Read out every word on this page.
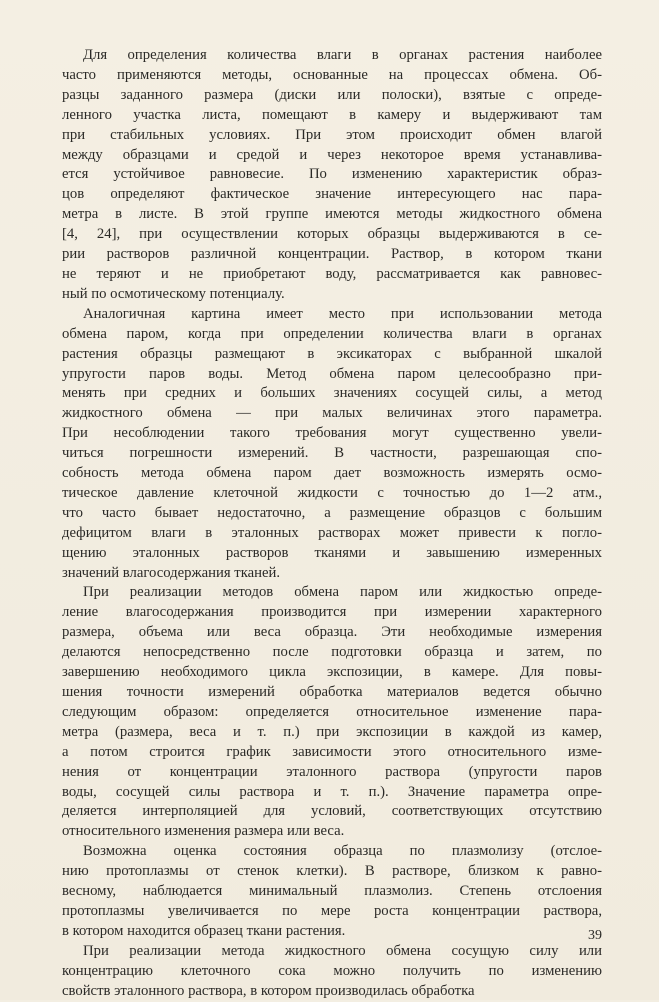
Для определения количества влаги в органах растения наиболее
часто применяются методы, основанные на процессах обмена. Об-
разцы заданного размера (диски или полоски), взятые с опреде-
ленного участка листа, помещают в камеру и выдерживают там
при стабильных условиях. При этом происходит обмен влагой
между образцами и средой и через некоторое время устанавлива-
ется устойчивое равновесие. По изменению характеристик образ-
цов определяют фактическое значение интересующего нас пара-
метра в листе. В этой группе имеются методы жидкостного обмена
[4, 24], при осуществлении которых образцы выдерживаются в се-
рии растворов различной концентрации. Раствор, в котором ткани
не теряют и не приобретают воду, рассматривается как равновес-
ный по осмотическому потенциалу.

Аналогичная картина имеет место при использовании метода
обмена паром, когда при определении количества влаги в органах
растения образцы размещают в эксикаторах с выбранной шкалой
упругости паров воды. Метод обмена паром целесообразно при-
менять при средних и больших значениях сосущей силы, а метод
жидкостного обмена — при малых величинах этого параметра.
При несоблюдении такого требования могут существенно увели-
читься погрешности измерений. В частности, разрешающая спо-
собность метода обмена паром дает возможность измерять осмо-
тическое давление клеточной жидкости с точностью до 1—2 атм.,
что часто бывает недостаточно, а размещение образцов с большим
дефицитом влаги в эталонных растворах может привести к погло-
щению эталонных растворов тканями и завышению измеренных
значений влагосодержания тканей.

При реализации методов обмена паром или жидкостью опреде-
ление влагосодержания производится при измерении характерного
размера, объема или веса образца. Эти необходимые измерения
делаются непосредственно после подготовки образца и затем, по
завершению необходимого цикла экспозиции, в камере. Для повы-
шения точности измерений обработка материалов ведется обычно
следующим образом: определяется относительное изменение пара-
метра (размера, веса и т. п.) при экспозиции в каждой из камер,
а потом строится график зависимости этого относительного изме-
нения от концентрации эталонного раствора (упругости паров
воды, сосущей силы раствора и т. п.). Значение параметра опре-
деляется интерполяцией для условий, соответствующих отсутствию
относительного изменения размера или веса.

Возможна оценка состояния образца по плазмолизу (отслое-
нию протоплазмы от стенок клетки). В растворе, близком к равно-
весному, наблюдается минимальный плазмолиз. Степень отслоения
протоплазмы увеличивается по мере роста концентрации раствора,
в котором находится образец ткани растения.

При реализации метода жидкостного обмена сосущую силу или
концентрацию клеточного сока можно получить по изменению
свойств эталонного раствора, в котором производилась обработка

39
